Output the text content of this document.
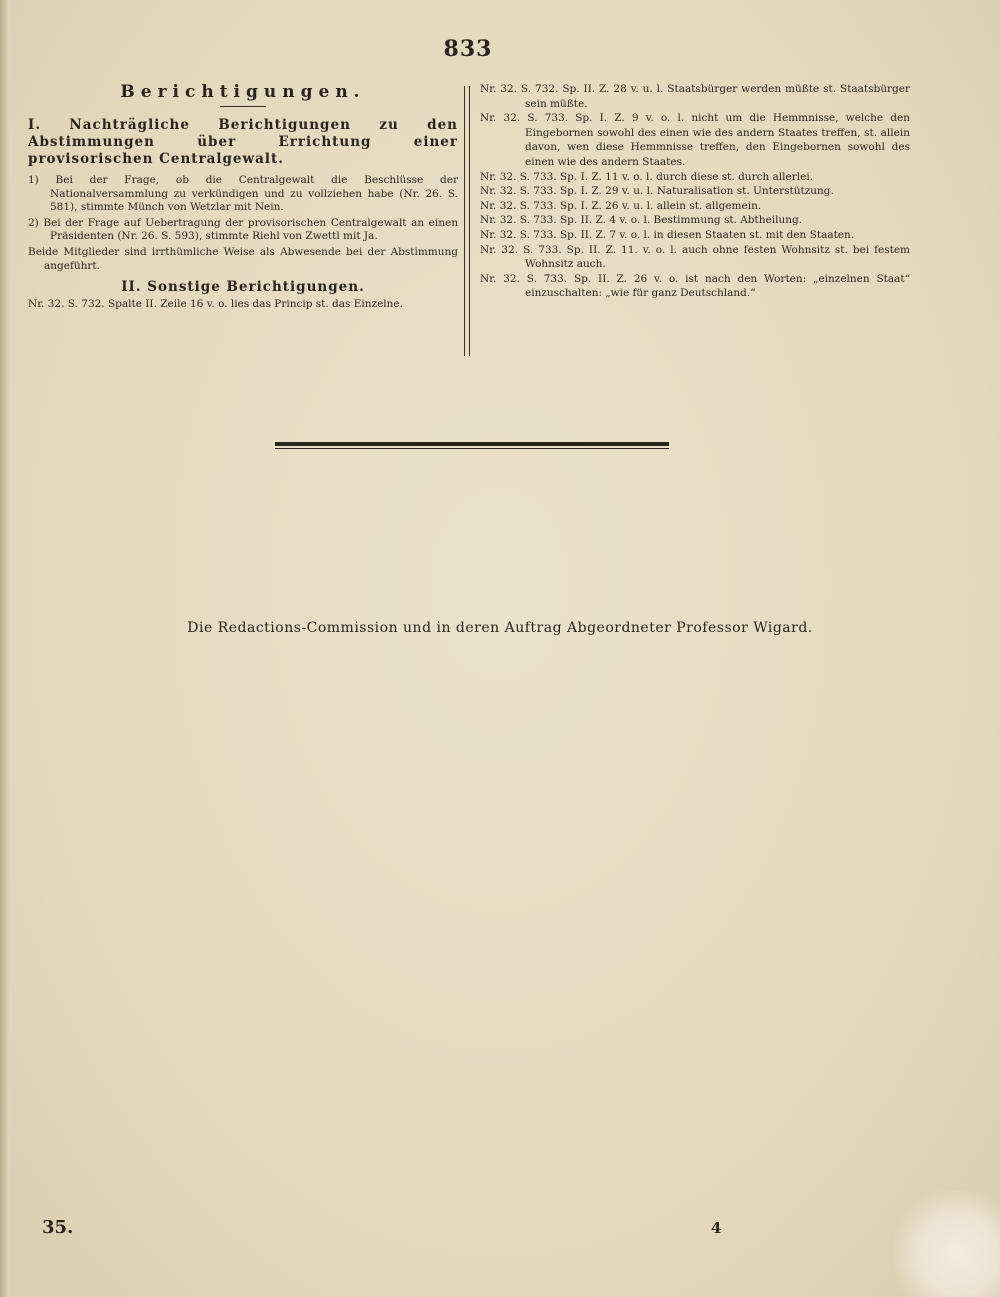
833
Berichtigungen.
I. Nachträgliche Berichtigungen zu den Abstimmungen über Errichtung einer provisorischen Centralgewalt.
1) Bei der Frage, ob die Centralgewalt die Beschlüsse der Nationalversammlung zu verkündigen und zu vollziehen habe (Nr. 26. S. 581), stimmte Münch von Wetzlar mit Nein.
2) Bei der Frage auf Uebertragung der provisorischen Centralgewalt an einen Präsidenten (Nr. 26. S. 593), stimmte Riehl von Zwettl mit Ja.
Beide Mitglieder sind irrthümliche Weise als Abwesende bei der Abstimmung angeführt.
II. Sonstige Berichtigungen.
Nr. 32. S. 732. Spalte II. Zeile 16 v. o. lies das Princip st. das Einzelne.
Nr. 32. S. 732. Sp. II. Z. 28 v. u. l. Staatsbürger werden müßte st. Staatsbürger sein müßte.
Nr. 32. S. 733. Sp. I. Z. 9 v. o. l. nicht um die Hemmnisse, welche den Eingebornen sowohl des einen wie des andern Staates treffen, st. allein davon, wen diese Hemmnisse treffen, den Eingebornen sowohl des einen wie des andern Staates.
Nr. 32. S. 733. Sp. I. Z. 11 v. o. l. durch diese st. durch allerlei.
Nr. 32. S. 733. Sp. I. Z. 29 v. u. l. Naturalisation st. Unterstützung.
Nr. 32. S. 733. Sp. I. Z. 26 v. u. l. allein st. allgemein.
Nr. 32. S. 733. Sp. II. Z. 4 v. o. l. Bestimmung st. Abtheilung.
Nr. 32. S. 733. Sp. II. Z. 7 v. o. l. in diesen Staaten st. mit den Staaten.
Nr. 32. S. 733. Sp. II. Z. 11. v. o. l. auch ohne festen Wohnsitz st. bei festem Wohnsitz auch.
Nr. 32. S. 733. Sp. II. Z. 26 v. o. ist nach den Worten: „einzelnen Staat“ einzuschalten: „wie für ganz Deutschland.“
Die Redactions-Commission und in deren Auftrag Abgeordneter Professor Wigard.
35.	4
